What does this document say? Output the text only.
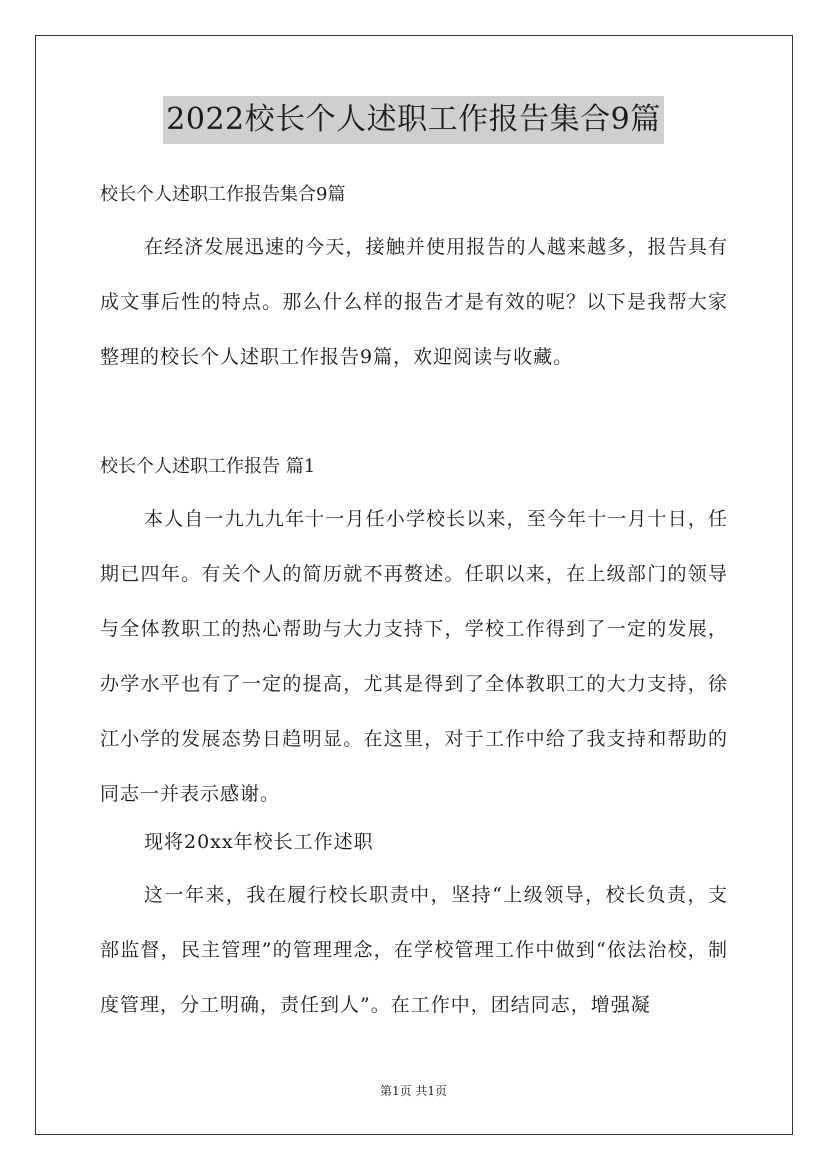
2022校长个人述职工作报告集合9篇
校长个人述职工作报告集合9篇

在经济发展迅速的今天，接触并使用报告的人越来越多，报告具有成文事后性的特点。那么什么样的报告才是有效的呢？以下是我帮大家整理的校长个人述职工作报告9篇，欢迎阅读与收藏。

校长个人述职工作报告 篇1

本人自一九九九年十一月任小学校长以来，至今年十一月十日，任期已四年。有关个人的简历就不再赘述。任职以来，在上级部门的领导与全体教职工的热心帮助与大力支持下，学校工作得到了一定的发展，办学水平也有了一定的提高，尤其是得到了全体教职工的大力支持，徐江小学的发展态势日趋明显。在这里，对于工作中给了我支持和帮助的同志一并表示感谢。

现将20xx年校长工作述职

这一年来，我在履行校长职责中，坚持“上级领导，校长负责，支部监督，民主管理”的管理理念，在学校管理工作中做到“依法治校，制度管理，分工明确，责任到人”。在工作中，团结同志，增强凝

第1页 共1页
